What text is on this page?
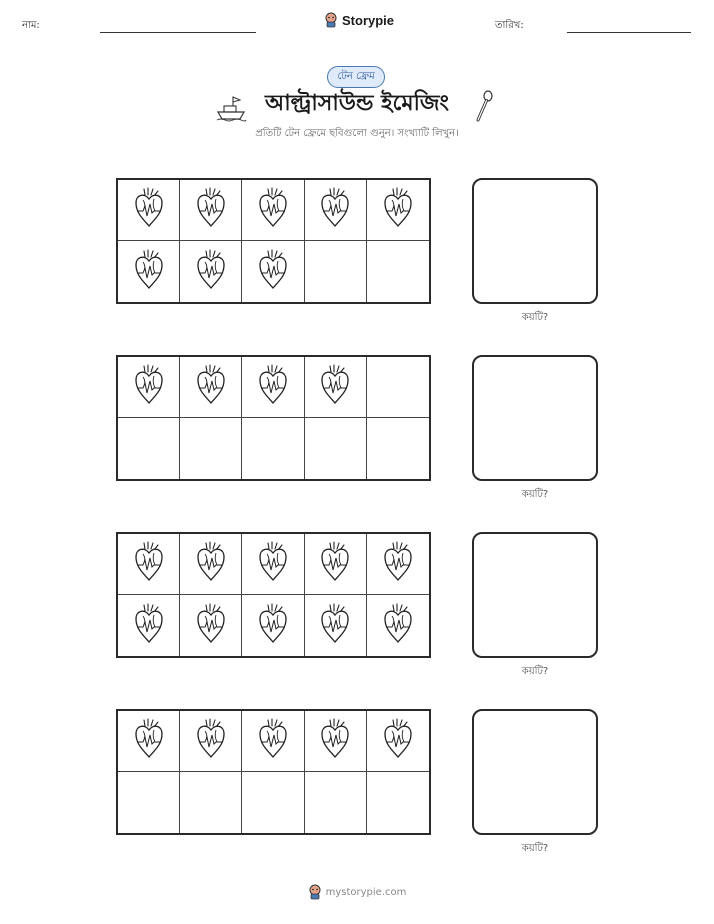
নাম:	Storypie	তারিখ:
টেন ফ্রেম
আল্ট্রাসাউন্ড ইমেজিং
প্রতিটি টেন ফ্রেমে ছবিগুলো গুনুন। সংখ্যাটি লিখুন।
কয়টি?
কয়টি?
কয়টি?
কয়টি?
mystorypie.com
